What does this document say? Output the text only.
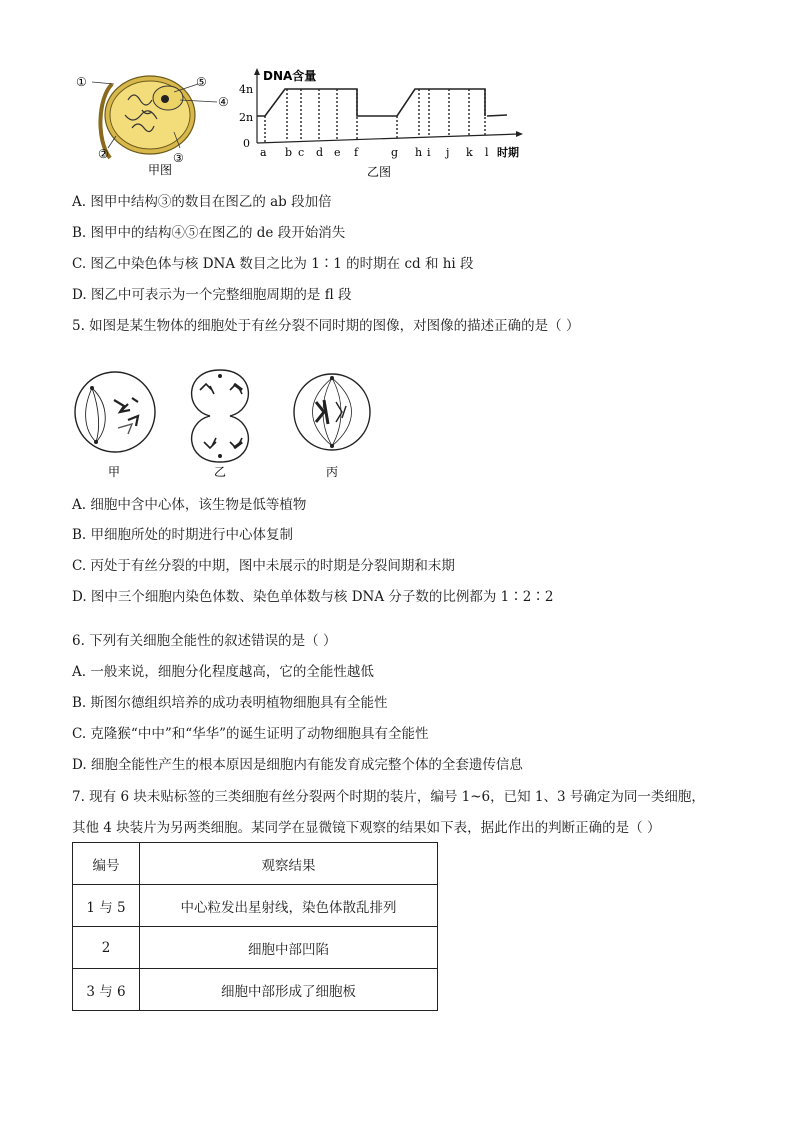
①
②	③
④
⑤
甲图
DNA含量
4n
2n
0
a b c d e f	g h i j k l 时期
乙图
A. 图甲中结构③的数目在图乙的 ab 段加倍
B. 图甲中的结构④⑤在图乙的 de 段开始消失
C. 图乙中染色体与核 DNA 数目之比为 1∶1 的时期在 cd 和 hi 段
D. 图乙中可表示为一个完整细胞周期的是 fl 段
5. 如图是某生物体的细胞处于有丝分裂不同时期的图像，对图像的描述正确的是（ ）
甲	乙	丙
A. 细胞中含中心体，该生物是低等植物
B. 甲细胞所处的时期进行中心体复制
C. 丙处于有丝分裂的中期，图中未展示的时期是分裂间期和末期
D. 图中三个细胞内染色体数、染色单体数与核 DNA 分子数的比例都为 1∶2∶2
6. 下列有关细胞全能性的叙述错误的是（ ）
A. 一般来说，细胞分化程度越高，它的全能性越低
B. 斯图尔德组织培养的成功表明植物细胞具有全能性
C. 克隆猴“中中”和“华华”的诞生证明了动物细胞具有全能性
D. 细胞全能性产生的根本原因是细胞内有能发育成完整个体的全套遗传信息
7. 现有 6 块未贴标签的三类细胞有丝分裂两个时期的装片，编号 1~6，已知 1、3 号确定为同一类细胞，
其他 4 块装片为另两类细胞。某同学在显微镜下观察的结果如下表，据此作出的判断正确的是（ ）
编号	观察结果
1 与 5	中心粒发出星射线，染色体散乱排列
2	细胞中部凹陷
3 与 6	细胞中部形成了细胞板
